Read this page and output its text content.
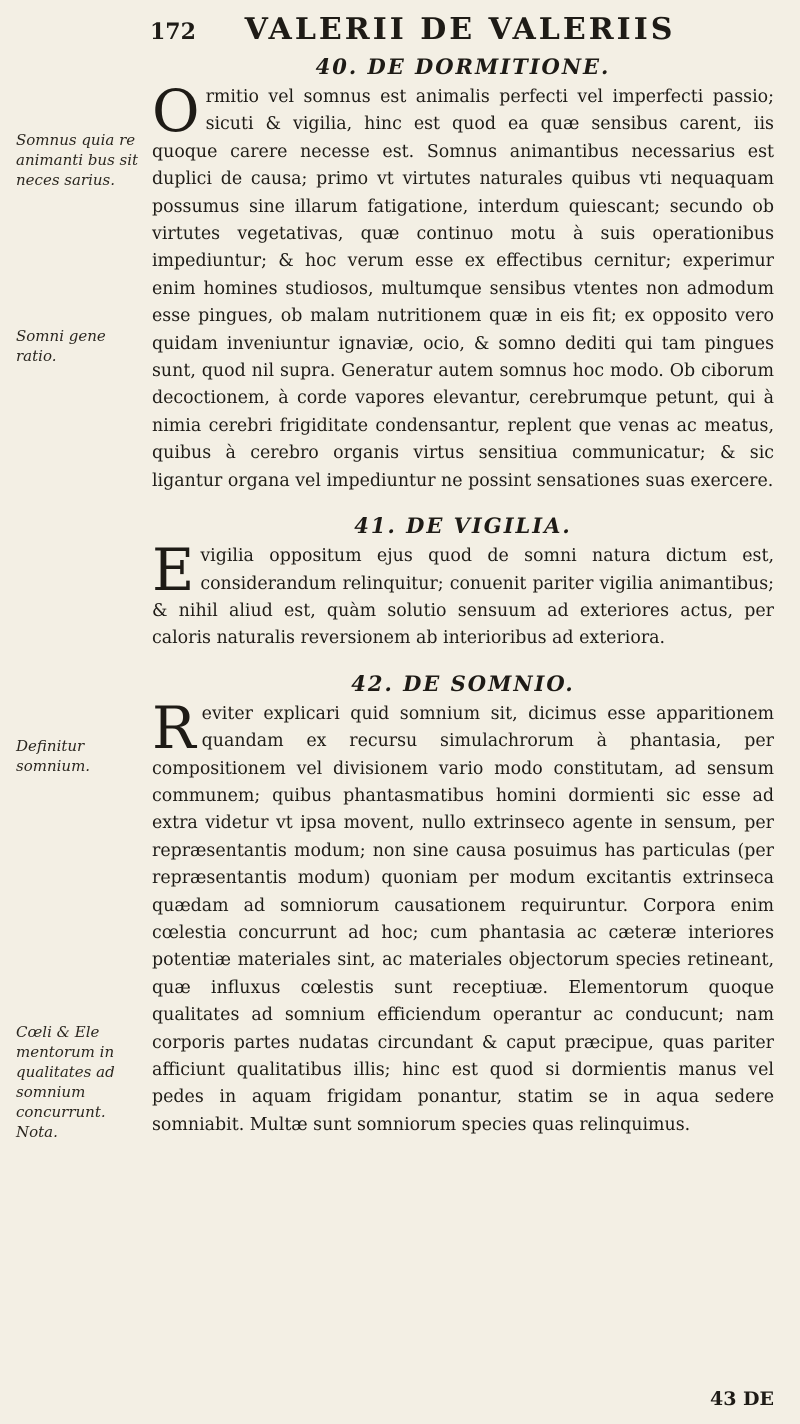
172	VALERII DE VALERIIS
Somnus quia re animanti bus sit neces sarius.
Somni gene ratio.
Definitur somnium.
Cœli & Ele mentorum in qualitates ad somnium concurrunt. Nota.
40. DE DORMITIONE.

Ormitio vel somnus est animalis perfecti vel imperfecti passio; sicuti & vigilia, hinc est quod ea quæ sensibus carent, iis quoque carere necesse est. Somnus animantibus necessarius est duplici de causa; primo vt virtutes naturales quibus vti nequaquam possumus sine illarum fatigatione, interdum quiescant; secundo ob virtutes vegetativas, quæ continuo motu à suis operationibus impediuntur; & hoc verum esse ex effectibus cernitur; experimur enim homines studiosos, multumque sensibus vtentes non admodum esse pingues, ob malam nutritionem quæ in eis fit; ex opposito vero quidam inveniuntur ignaviæ, ocio, & somno dediti qui tam pingues sunt, quod nil supra. Generatur autem somnus hoc modo. Ob ciborum decoctionem, à corde vapores elevantur, cerebrumque petunt, qui à nimia cerebri frigiditate condensantur, replent que venas ac meatus, quibus à cerebro organis virtus sensitiua communicatur; & sic ligantur organa vel impediuntur ne possint sensationes suas exercere.

41. DE VIGILIA.

Evigilia oppositum ejus quod de somni natura dictum est, considerandum relinquitur; conuenit pariter vigilia animantibus; & nihil aliud est, quàm solutio sensuum ad exteriores actus, per caloris naturalis reversionem ab interioribus ad exteriora.

42. DE SOMNIO.

Reviter explicari quid somnium sit, dicimus esse apparitionem quandam ex recursu simulachrorum à phantasia, per compositionem vel divisionem vario modo constitutam, ad sensum communem; quibus phantasmatibus homini dormienti sic esse ad extra videtur vt ipsa movent, nullo extrinseco agente in sensum, per repræsentantis modum; non sine causa posuimus has particulas (per repræsentantis modum) quoniam per modum excitantis extrinseca quædam ad somniorum causationem requiruntur. Corpora enim cœlestia concurrunt ad hoc; cum phantasia ac cæteræ interiores potentiæ materiales sint, ac materiales objectorum species retineant, quæ influxus cœlestis sunt receptiuæ. Elementorum quoque qualitates ad somnium efficiendum operantur ac conducunt; nam corporis partes nudatas circundant & caput præcipue, quas pariter afficiunt qualitatibus illis; hinc est quod si dormientis manus vel pedes in aquam frigidam ponantur, statim se in aqua sedere somniabit. Multæ sunt somniorum species quas relinquimus.

43 DE
